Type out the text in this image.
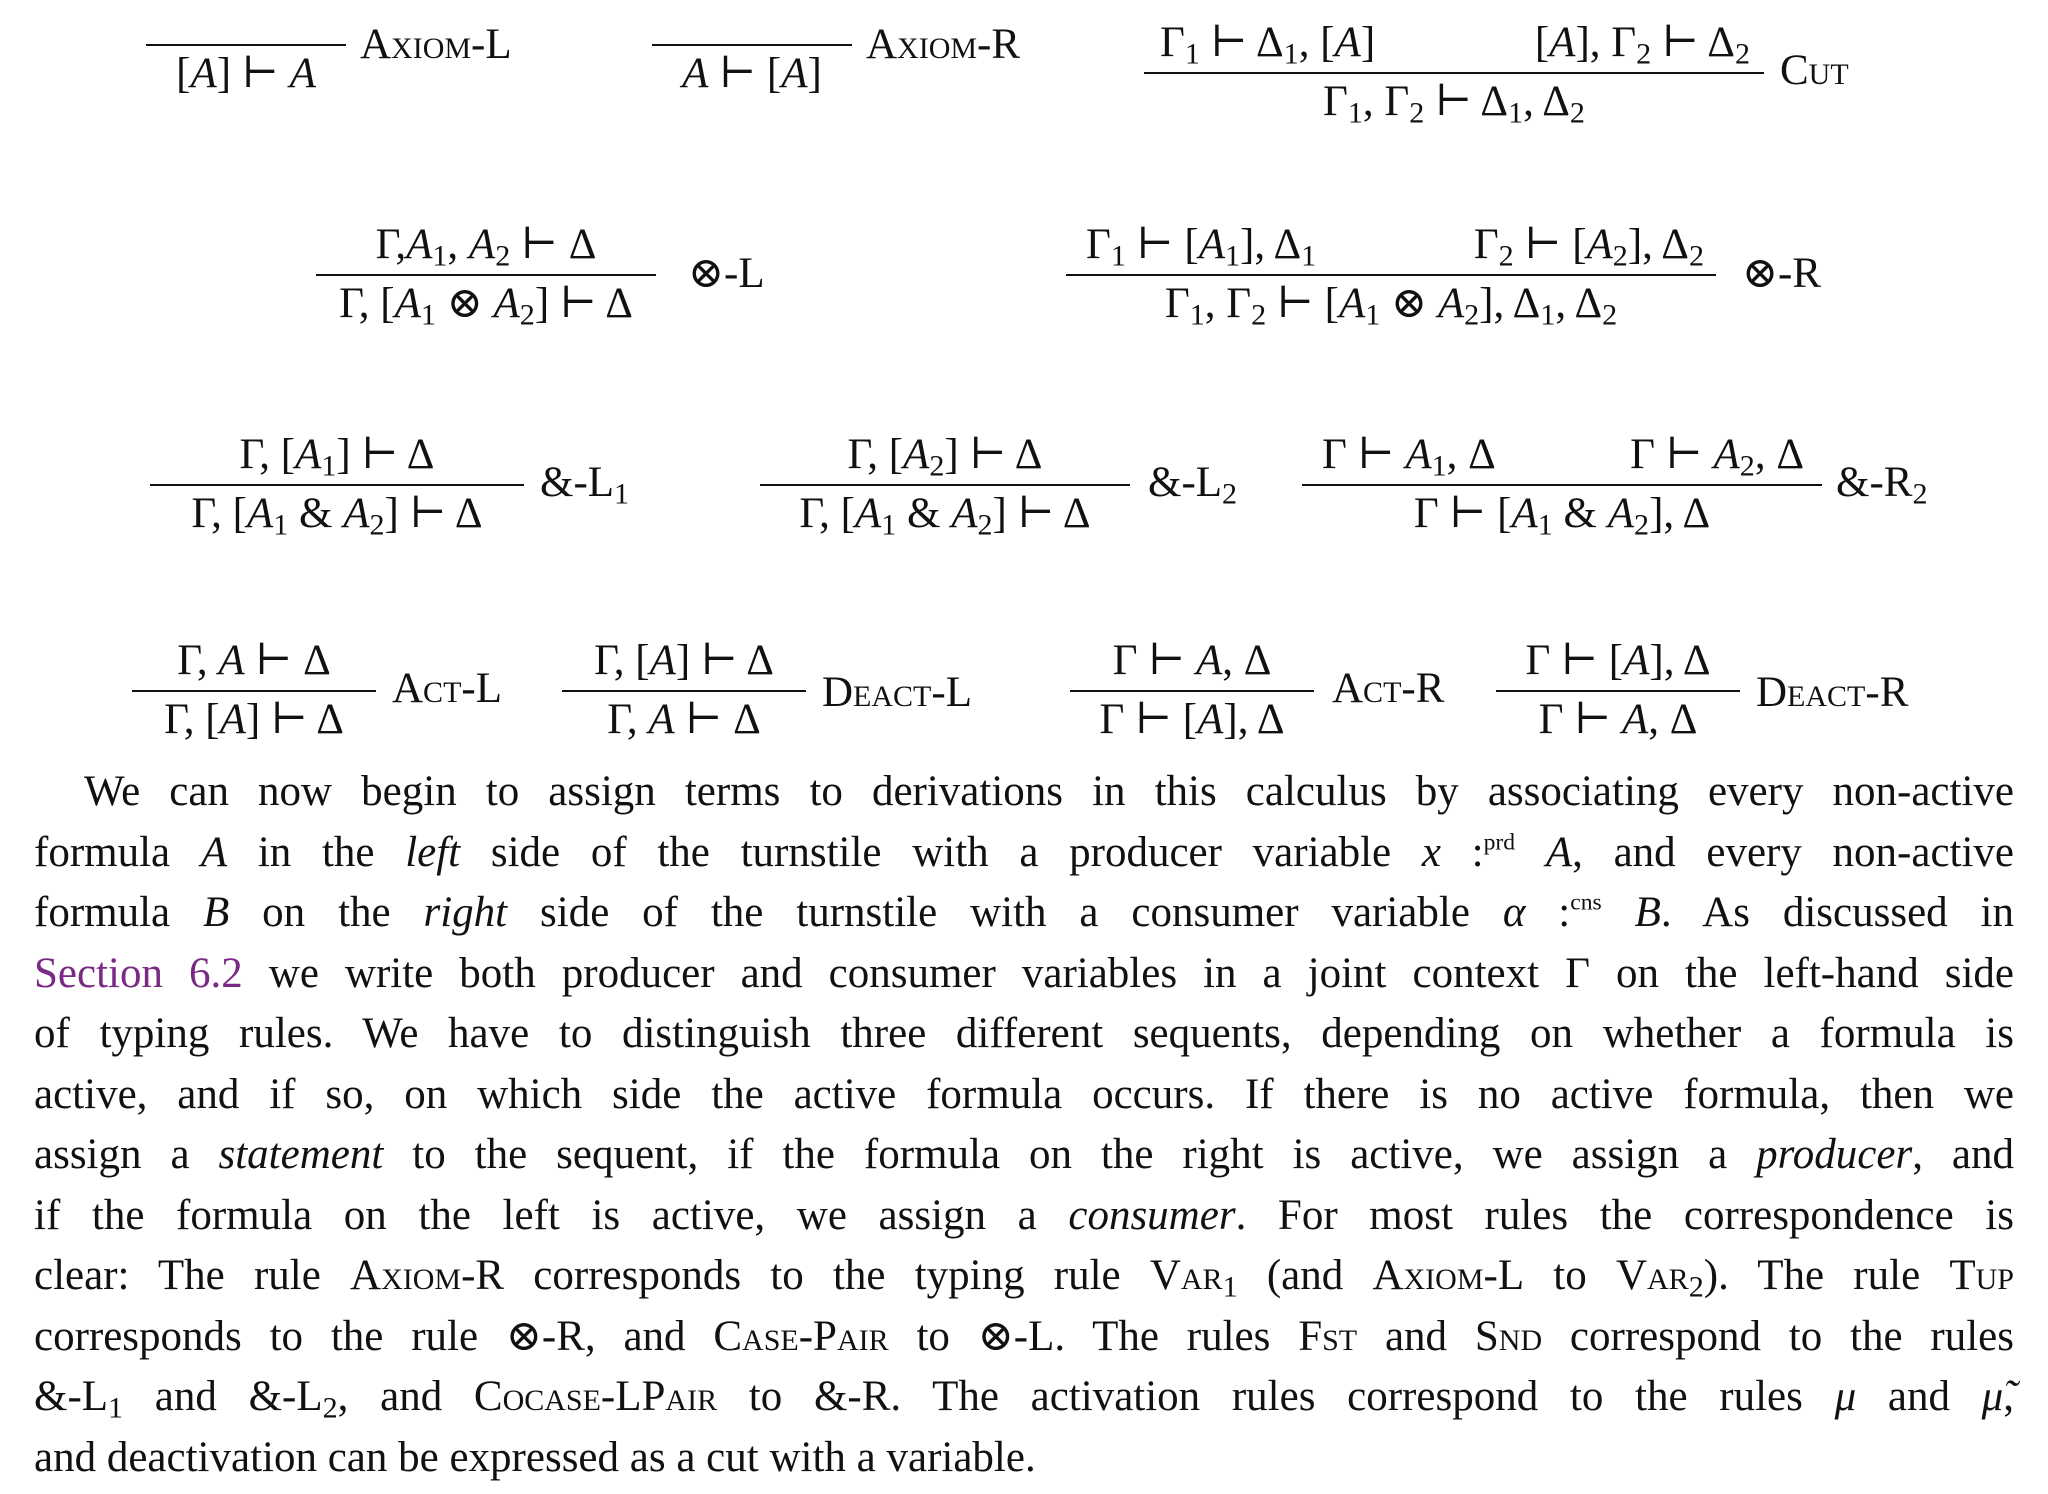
[A] ⊢ A
Axiom-L
A ⊢ [A]
Axiom-R	$\Gamma_1$ ⊢ $\Delta_1$, [A]	[A], $\Gamma_2$ ⊢ $\Delta_2$
$\Gamma_1$, $\Gamma_2$ ⊢ $\Delta_1$, $\Delta_2$
Cut
$\Gamma,A_1$, $A_2$ ⊢ Δ
Γ, [$A_1$ ⊗ $A_2$] ⊢ Δ
⊗-L
$\Gamma_1$ ⊢ $[A_1]$, $\Delta_1$	$\Gamma_2$ ⊢ $[A_2]$, $\Delta_2$
$\Gamma_1$, $\Gamma_2$ ⊢ [$A_1$ ⊗ $A_2$], $\Delta_1$, $\Delta_2$
⊗-R
Γ, $[A_1]$ ⊢ Δ
Γ, [$A_1$ & $A_2$] ⊢ Δ
$\&-L_1$
Γ, $[A_2]$ ⊢ Δ
Γ, [$A_1$ & $A_2$] ⊢ Δ
$\&-L_2$
Γ ⊢ $A_1$, Δ	Γ ⊢ $A_2$, Δ
Γ ⊢ [$A_1$ & $A_2$], Δ
$\&-R_2$
Γ, A ⊢ Δ
Γ, [A] ⊢ Δ
Act-L
Γ, [A] ⊢ Δ
Γ, A ⊢ Δ
Deact-L
Γ ⊢ A, Δ
Γ ⊢ [A], Δ
Act-R
Γ ⊢ [A], Δ
Γ ⊢ A, Δ
Deact-R
We can now begin to assign terms to derivations in this calculus by associating every non-active
formula A in the left side of the turnstile with a producer variable x :$^{prd}$ A, and every non-active
formula B on the right side of the turnstile with a consumer variable α :$^{cns}$ B. As discussed in
Section 6.2 we write both producer and consumer variables in a joint context Γ on the left-hand side
of typing rules. We have to distinguish three different sequents, depending on whether a formula is
active, and if so, on which side the active formula occurs. If there is no active formula, then we
assign a statement to the sequent, if the formula on the right is active, we assign a producer, and
if the formula on the left is active, we assign a consumer. For most rules the correspondence is
clear: The rule Axiom-R corresponds to the typing rule Var$_1$ (and Axiom-L to Var$_2$). The rule Tup
corresponds to the rule ⊗-R, and Case-Pair to ⊗-L. The rules Fst and Snd correspond to the rules
$\&-L_1$ and $\&-L_2$, and Cocase-LPair to &-R. The activation rules correspond to the rules μ and μ̃,
and deactivation can be expressed as a cut with a variable.
